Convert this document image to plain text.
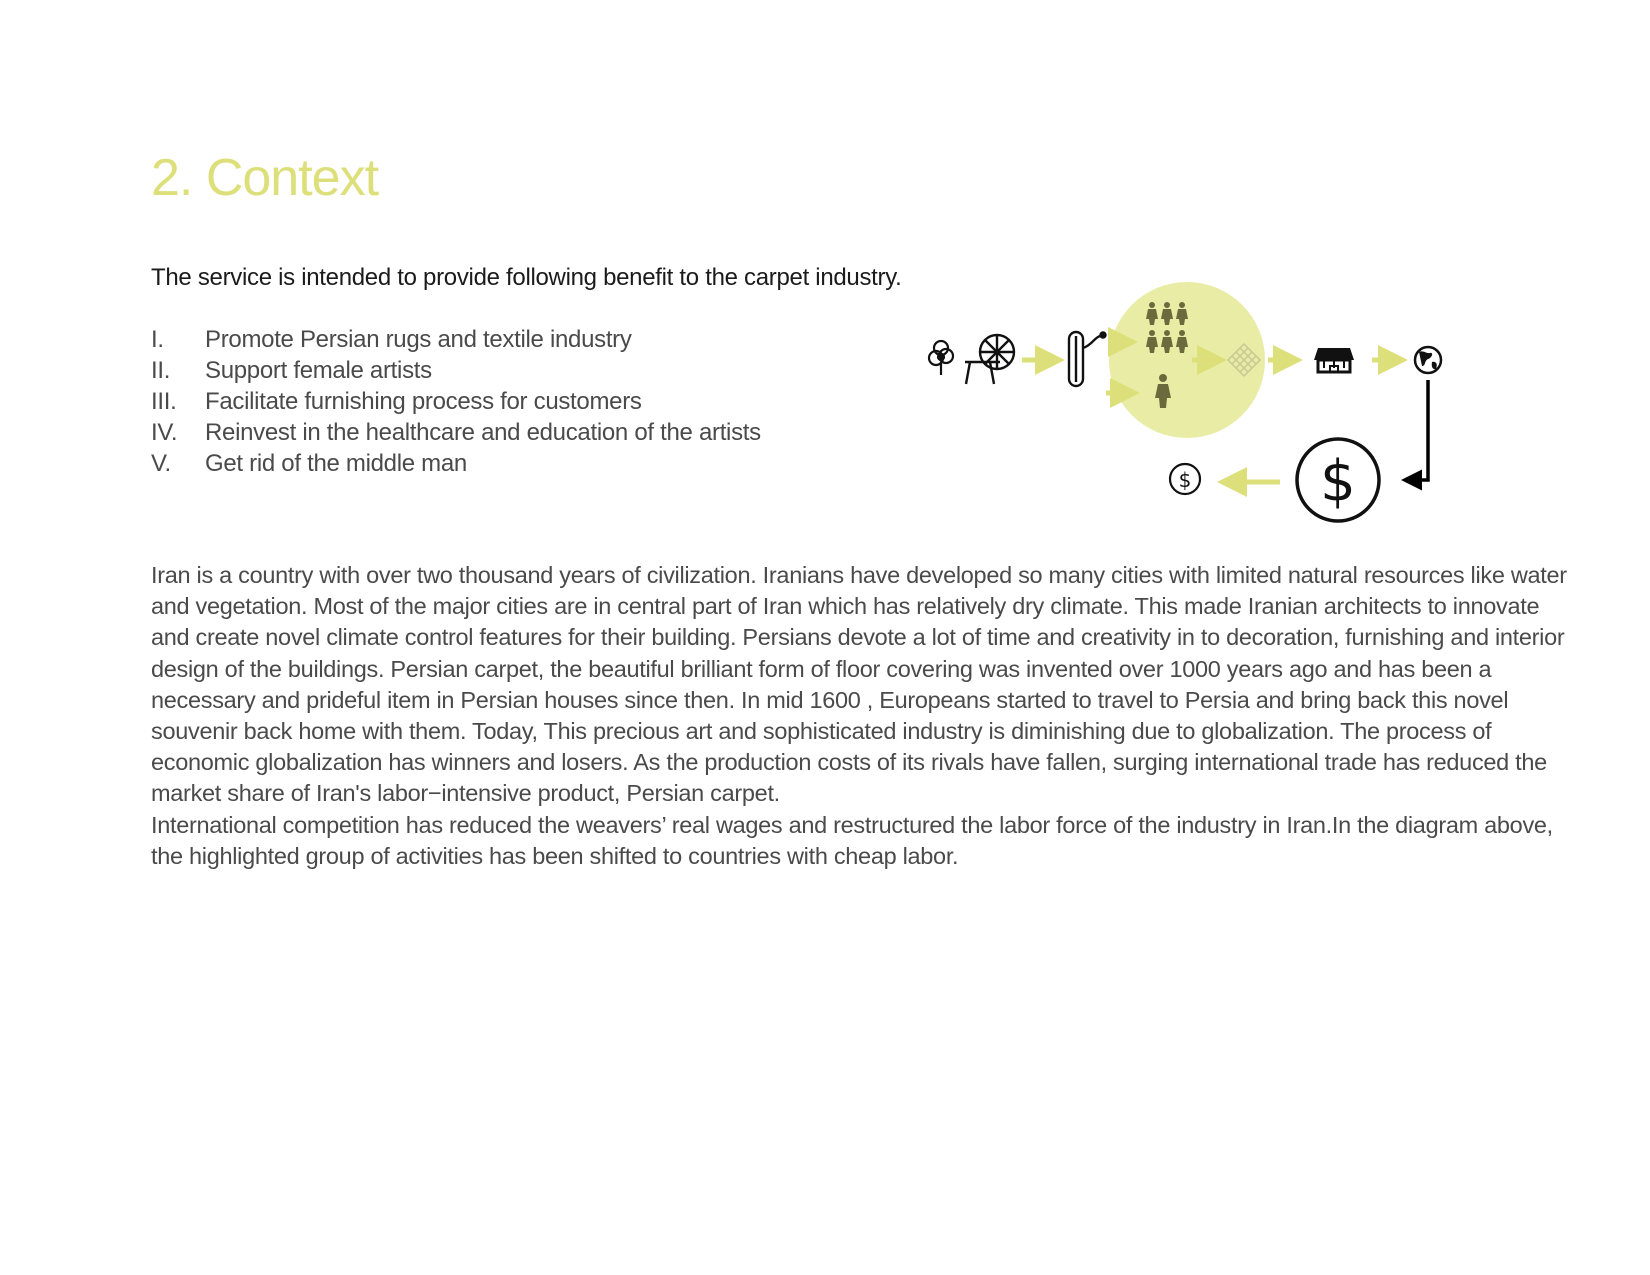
2. Context

The service is intended to provide following benefit to the carpet industry.

I. Promote Persian rugs and textile industry
II. Support female artists
III. Facilitate furnishing process for customers
IV. Reinvest in the healthcare and education of the artists
V. Get rid of the middle man	$
$

Iran is a country with over two thousand years of civilization. Iranians have developed so many cities with limited natural resources like water and vegetation. Most of the major cities are in central part of Iran which has relatively dry climate. This made Iranian architects to innovate and create novel climate control features for their building. Persians devote a lot of time and creativity in to decoration, furnishing and interior design of the buildings. Persian carpet, the beautiful brilliant form of floor covering was invented over 1000 years ago and has been a necessary and prideful item in Persian houses since then. In mid 1600 , Europeans started to travel to Persia and bring back this novel souvenir back home with them. Today, This precious art and sophisticated industry is diminishing due to globalization. The process of economic globalization has winners and losers. As the production costs of its rivals have fallen, surging international trade has reduced the market share of Iran's labor−intensive product, Persian carpet.

International competition has reduced the weavers’ real wages and restructured the labor force of the industry in Iran.In the diagram above, the highlighted group of activities has been shifted to countries with cheap labor.
